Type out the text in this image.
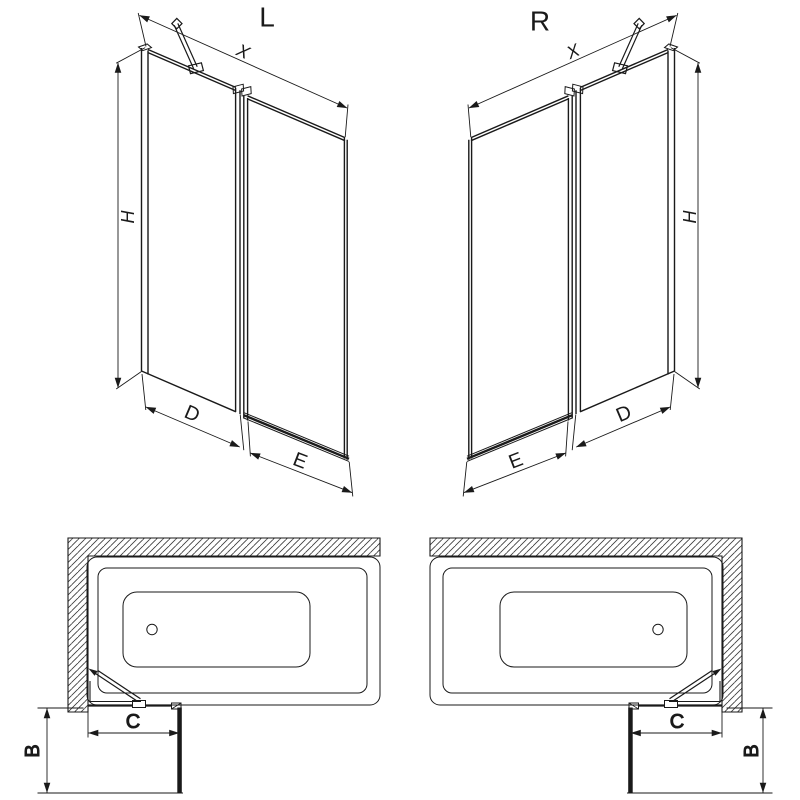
L
X
H
D
E
R
X
H
D
E
C
B
C
B
